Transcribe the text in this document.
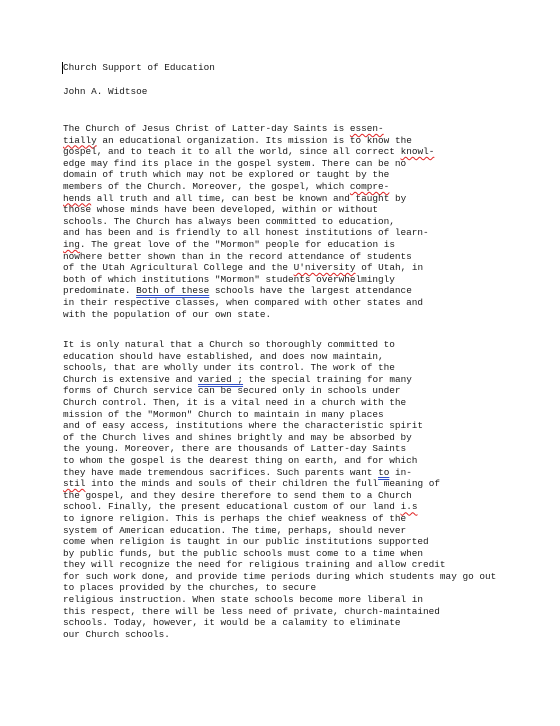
Church Support of Education
John A. Widtsoe
The Church of Jesus Christ of Latter-day Saints is essen-
tially an educational organization. Its mission is to know the
gospel, and to teach it to all the world, since all correct knowl-
edge may find its place in the gospel system. There can be no
domain of truth which may not be explored or taught by the
members of the Church. Moreover, the gospel, which compre-
hends all truth and all time, can best be known and taught by
those whose minds have been developed, within or without
schools. The Church has always been committed to education,
and has been and is friendly to all honest institutions of learn-
ing. The great love of the "Mormon" people for education is
nowhere better shown than in the record attendance of students
of the Utah Agricultural College and the U'niversity of Utah, in
both of which institutions "Mormon" students overwhelmingly
predominate. Both of these schools have the largest attendance
in their respective classes, when compared with other states and
with the population of our own state.
It is only natural that a Church so thoroughly committed to
education should have established, and does now maintain,
schools, that are wholly under its control. The work of the
Church is extensive and varied ; the special training for many
forms of Church service can be secured only in schools under
Church control. Then, it is a vital need in a church with the
mission of the "Mormon" Church to maintain in many places
and of easy access, institutions where the characteristic spirit
of the Church lives and shines brightly and may be absorbed by
the young. Moreover, there are thousands of Latter-day Saints
to whom the gospel is the dearest thing on earth, and for which
they have made tremendous sacrifices. Such parents want to in-
stil into the minds and souls of their children the full meaning of
the gospel, and they desire therefore to send them to a Church
school. Finally, the present educational custom of our land i.s
to ignore religion. This is perhaps the chief weakness of the
system of American education. The time, perhaps, should never
come when religion is taught in our public institutions supported
by public funds, but the public schools must come to a time when
they will recognize the need for religious training and allow credit
for such work done, and provide time periods during which students may go out
to places provided by the churches, to secure
religious instruction. When state schools become more liberal in
this respect, there will be less need of private, church-maintained
schools. Today, however, it would be a calamity to eliminate
our Church schools.
